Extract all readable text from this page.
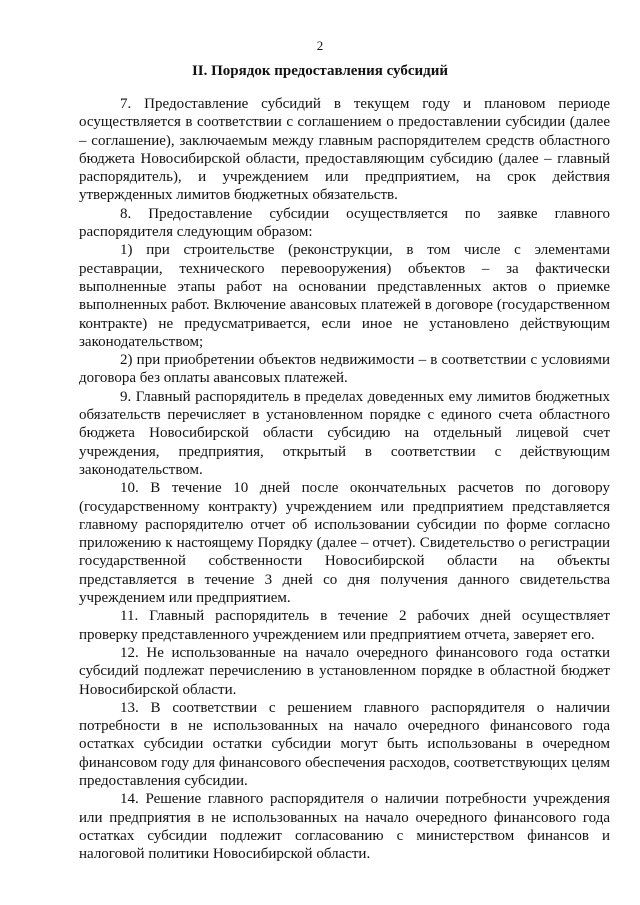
2
II. Порядок предоставления субсидий

7. Предоставление субсидий в текущем году и плановом периоде осуществляется в соответствии с соглашением о предоставлении субсидии (далее – соглашение), заключаемым между главным распорядителем средств областного бюджета Новосибирской области, предоставляющим субсидию (далее – главный распорядитель), и учреждением или предприятием, на срок действия утвержденных лимитов бюджетных обязательств.

8. Предоставление субсидии осуществляется по заявке главного распорядителя следующим образом:

1) при строительстве (реконструкции, в том числе с элементами реставрации, технического перевооружения) объектов – за фактически выполненные этапы работ на основании представленных актов о приемке выполненных работ. Включение авансовых платежей в договоре (государственном контракте) не предусматривается, если иное не установлено действующим законодательством;

2) при приобретении объектов недвижимости – в соответствии с условиями договора без оплаты авансовых платежей.

9. Главный распорядитель в пределах доведенных ему лимитов бюджетных обязательств перечисляет в установленном порядке с единого счета областного бюджета Новосибирской области субсидию на отдельный лицевой счет учреждения, предприятия, открытый в соответствии с действующим законодательством.

10. В течение 10 дней после окончательных расчетов по договору (государственному контракту) учреждением или предприятием представляется главному распорядителю отчет об использовании субсидии по форме согласно приложению к настоящему Порядку (далее – отчет). Свидетельство о регистрации государственной собственности Новосибирской области на объекты представляется в течение 3 дней со дня получения данного свидетельства учреждением или предприятием.

11. Главный распорядитель в течение 2 рабочих дней осуществляет проверку представленного учреждением или предприятием отчета, заверяет его.

12. Не использованные на начало очередного финансового года остатки субсидий подлежат перечислению в установленном порядке в областной бюджет Новосибирской области.

13. В соответствии с решением главного распорядителя о наличии потребности в не использованных на начало очередного финансового года остатках субсидии остатки субсидии могут быть использованы в очередном финансовом году для финансового обеспечения расходов, соответствующих целям предоставления субсидии.

14. Решение главного распорядителя о наличии потребности учреждения или предприятия в не использованных на начало очередного финансового года остатках субсидии подлежит согласованию с министерством финансов и налоговой политики Новосибирской области.
